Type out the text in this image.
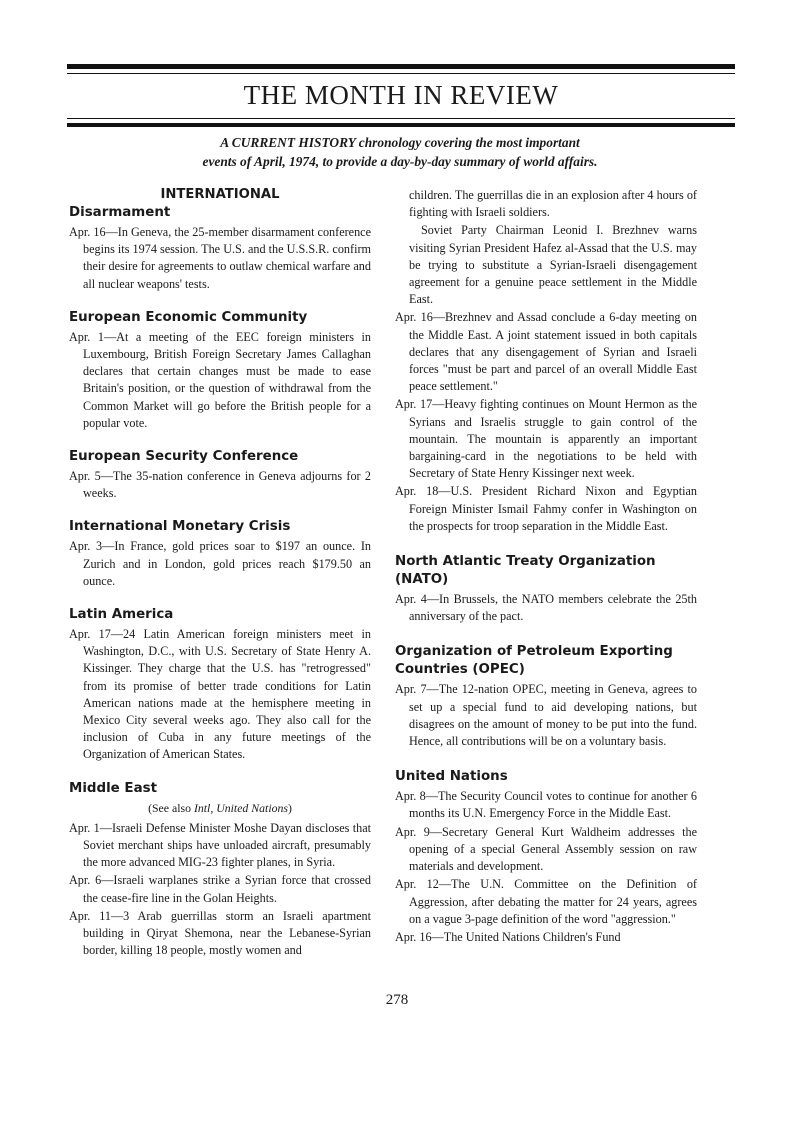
THE MONTH IN REVIEW
A CURRENT HISTORY chronology covering the most important
events of April, 1974, to provide a day-by-day summary of world affairs.
INTERNATIONAL
Disarmament

Apr. 16—In Geneva, the 25-member disarmament conference begins its 1974 session. The U.S. and the U.S.S.R. confirm their desire for agreements to outlaw chemical warfare and all nuclear weapons' tests.

European Economic Community

Apr. 1—At a meeting of the EEC foreign ministers in Luxembourg, British Foreign Secretary James Callaghan declares that certain changes must be made to ease Britain's position, or the question of withdrawal from the Common Market will go before the British people for a popular vote.

European Security Conference

Apr. 5—The 35-nation conference in Geneva adjourns for 2 weeks.

International Monetary Crisis

Apr. 3—In France, gold prices soar to $197 an ounce. In Zurich and in London, gold prices reach $179.50 an ounce.

Latin America

Apr. 17—24 Latin American foreign ministers meet in Washington, D.C., with U.S. Secretary of State Henry A. Kissinger. They charge that the U.S. has "retrogressed" from its promise of better trade conditions for Latin American nations made at the hemisphere meeting in Mexico City several weeks ago. They also call for the inclusion of Cuba in any future meetings of the Organization of American States.

Middle East
(See also Intl, United Nations)

Apr. 1—Israeli Defense Minister Moshe Dayan discloses that Soviet merchant ships have unloaded aircraft, presumably the more advanced MIG-23 fighter planes, in Syria.

Apr. 6—Israeli warplanes strike a Syrian force that crossed the cease-fire line in the Golan Heights.

Apr. 11—3 Arab guerrillas storm an Israeli apartment building in Qiryat Shemona, near the Lebanese-Syrian border, killing 18 people, mostly women and

children. The guerrillas die in an explosion after 4 hours of fighting with Israeli soldiers.

Soviet Party Chairman Leonid I. Brezhnev warns visiting Syrian President Hafez al-Assad that the U.S. may be trying to substitute a Syrian-Israeli disengagement agreement for a genuine peace settlement in the Middle East.

Apr. 16—Brezhnev and Assad conclude a 6-day meeting on the Middle East. A joint statement issued in both capitals declares that any disengagement of Syrian and Israeli forces "must be part and parcel of an overall Middle East peace settlement."

Apr. 17—Heavy fighting continues on Mount Hermon as the Syrians and Israelis struggle to gain control of the mountain. The mountain is apparently an important bargaining-card in the negotiations to be held with Secretary of State Henry Kissinger next week.

Apr. 18—U.S. President Richard Nixon and Egyptian Foreign Minister Ismail Fahmy confer in Washington on the prospects for troop separation in the Middle East.

North Atlantic Treaty Organization
(NATO)

Apr. 4—In Brussels, the NATO members celebrate the 25th anniversary of the pact.

Organization of Petroleum Exporting
Countries (OPEC)

Apr. 7—The 12-nation OPEC, meeting in Geneva, agrees to set up a special fund to aid developing nations, but disagrees on the amount of money to be put into the fund. Hence, all contributions will be on a voluntary basis.

United Nations

Apr. 8—The Security Council votes to continue for another 6 months its U.N. Emergency Force in the Middle East.

Apr. 9—Secretary General Kurt Waldheim addresses the opening of a special General Assembly session on raw materials and development.

Apr. 12—The U.N. Committee on the Definition of Aggression, after debating the matter for 24 years, agrees on a vague 3-page definition of the word "aggression."

Apr. 16—The United Nations Children's Fund

278
